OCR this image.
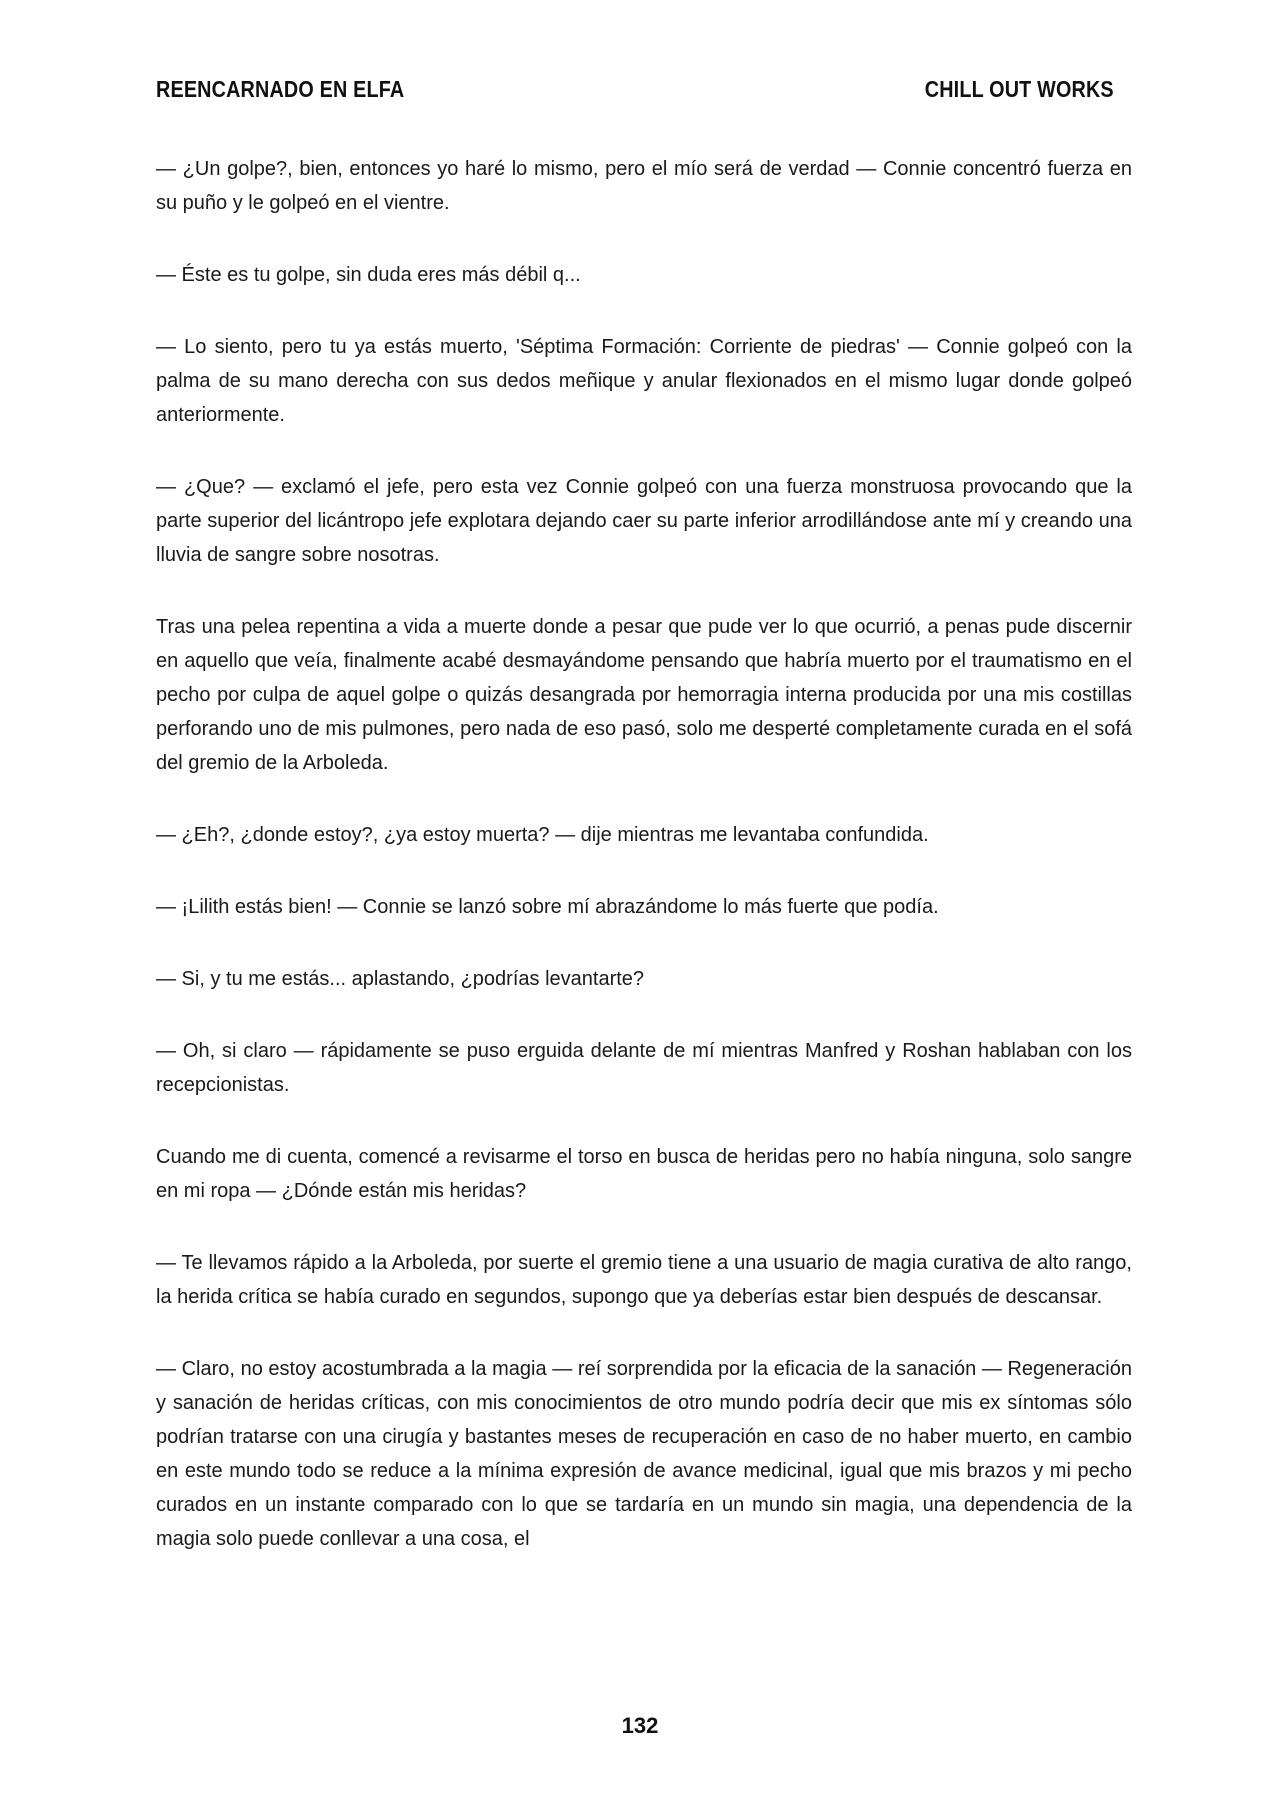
REENCARNADO EN ELFA	CHILL OUT WORKS

— ¿Un golpe?, bien, entonces yo haré lo mismo, pero el mío será de verdad — Connie concentró fuerza en su puño y le golpeó en el vientre.

— Éste es tu golpe, sin duda eres más débil q...

— Lo siento, pero tu ya estás muerto, 'Séptima Formación: Corriente de piedras' — Connie golpeó con la palma de su mano derecha con sus dedos meñique y anular flexionados en el mismo lugar donde golpeó anteriormente.

— ¿Que? — exclamó el jefe, pero esta vez Connie golpeó con una fuerza monstruosa provocando que la parte superior del licántropo jefe explotara dejando caer su parte inferior arrodillándose ante mí y creando una lluvia de sangre sobre nosotras.

Tras una pelea repentina a vida a muerte donde a pesar que pude ver lo que ocurrió, a penas pude discernir en aquello que veía, finalmente acabé desmayándome pensando que habría muerto por el traumatismo en el pecho por culpa de aquel golpe o quizás desangrada por hemorragia interna producida por una mis costillas perforando uno de mis pulmones, pero nada de eso pasó, solo me desperté completamente curada en el sofá del gremio de la Arboleda.

— ¿Eh?, ¿donde estoy?, ¿ya estoy muerta? — dije mientras me levantaba confundida.

— ¡Lilith estás bien! — Connie se lanzó sobre mí abrazándome lo más fuerte que podía.

— Si, y tu me estás... aplastando, ¿podrías levantarte?

— Oh, si claro — rápidamente se puso erguida delante de mí mientras Manfred y Roshan hablaban con los recepcionistas.

Cuando me di cuenta, comencé a revisarme el torso en busca de heridas pero no había ninguna, solo sangre en mi ropa — ¿Dónde están mis heridas?

— Te llevamos rápido a la Arboleda, por suerte el gremio tiene a una usuario de magia curativa de alto rango, la herida crítica se había curado en segundos, supongo que ya deberías estar bien después de descansar.

— Claro, no estoy acostumbrada a la magia — reí sorprendida por la eficacia de la sanación — Regeneración y sanación de heridas críticas, con mis conocimientos de otro mundo podría decir que mis ex síntomas sólo podrían tratarse con una cirugía y bastantes meses de recuperación en caso de no haber muerto, en cambio en este mundo todo se reduce a la mínima expresión de avance medicinal, igual que mis brazos y mi pecho curados en un instante comparado con lo que se tardaría en un mundo sin magia, una dependencia de la magia solo puede conllevar a una cosa, el

132
